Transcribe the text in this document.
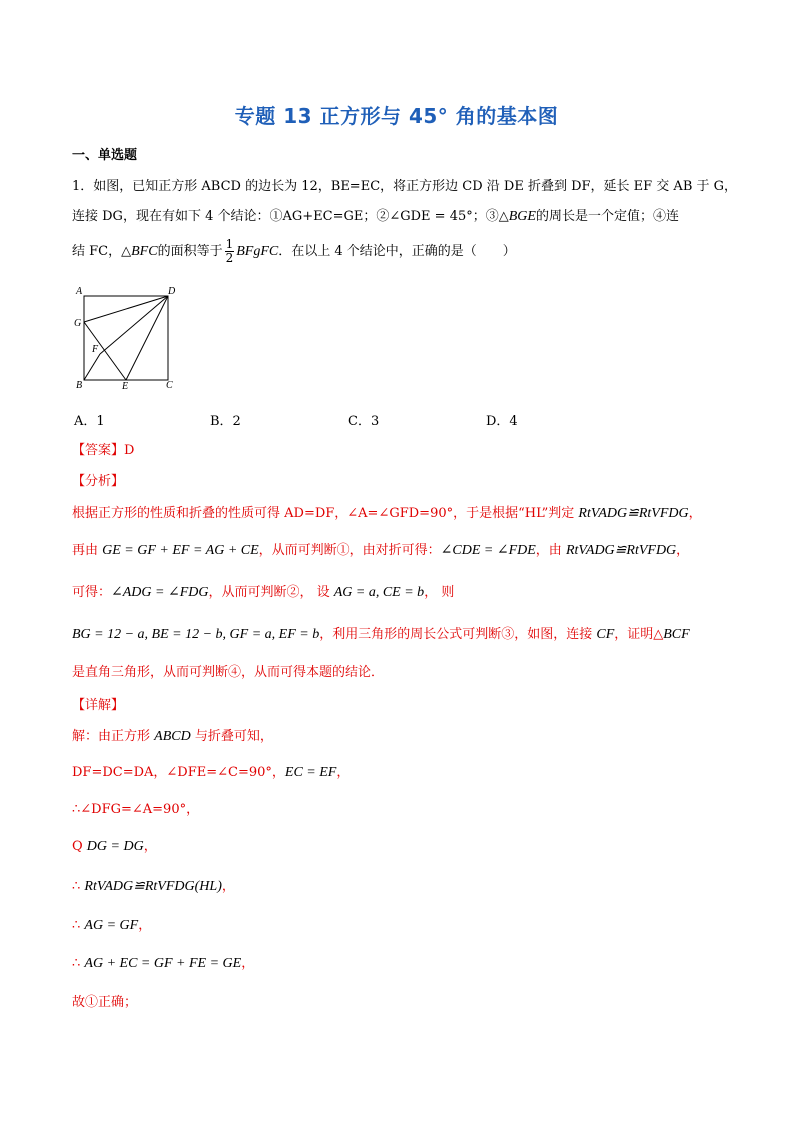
专题 13 正方形与 45° 角的基本图
一、单选题
1．如图，已知正方形 ABCD 的边长为 12，BE=EC，将正方形边 CD 沿 DE 折叠到 DF，延长 EF 交 AB 于 G，
连接 DG，现在有如下 4 个结论：①AG+EC=GE；②∠GDE = 45°；③△BGE的周长是一个定值；④连
结 FC，△BFC的面积等于 $\frac{1}{2}$ BFgFC．在以上 4 个结论中，正确的是（　　）
A	D
G
F
B	E	C
A．1	B．2	C．3	D．4
【答案】D
【分析】
根据正方形的性质和折叠的性质可得 AD=DF，∠A=∠GFD=90°，于是根据“HL”判定 RtVADG≌RtVFDG，
再由 GE = GF + EF = AG + CE，从而可判断①，由对折可得：∠CDE = ∠FDE，由 RtVADG≌RtVFDG，
可得：∠ADG = ∠FDG，从而可判断②， 设 AG = a, CE = b， 则
BG = 12 − a, BE = 12 − b, GF = a, EF = b，利用三角形的周长公式可判断③，如图，连接 CF，证明△BCF
是直角三角形，从而可判断④，从而可得本题的结论．
【详解】
解：由正方形 ABCD 与折叠可知，
DF=DC=DA，∠DFE=∠C=90°，EC = EF，
∴∠DFG=∠A=90°，
Q DG = DG，
∴ RtVADG≌RtVFDG(HL)，
∴ AG = GF，
∴ AG + EC = GF + FE = GE，
故①正确；
